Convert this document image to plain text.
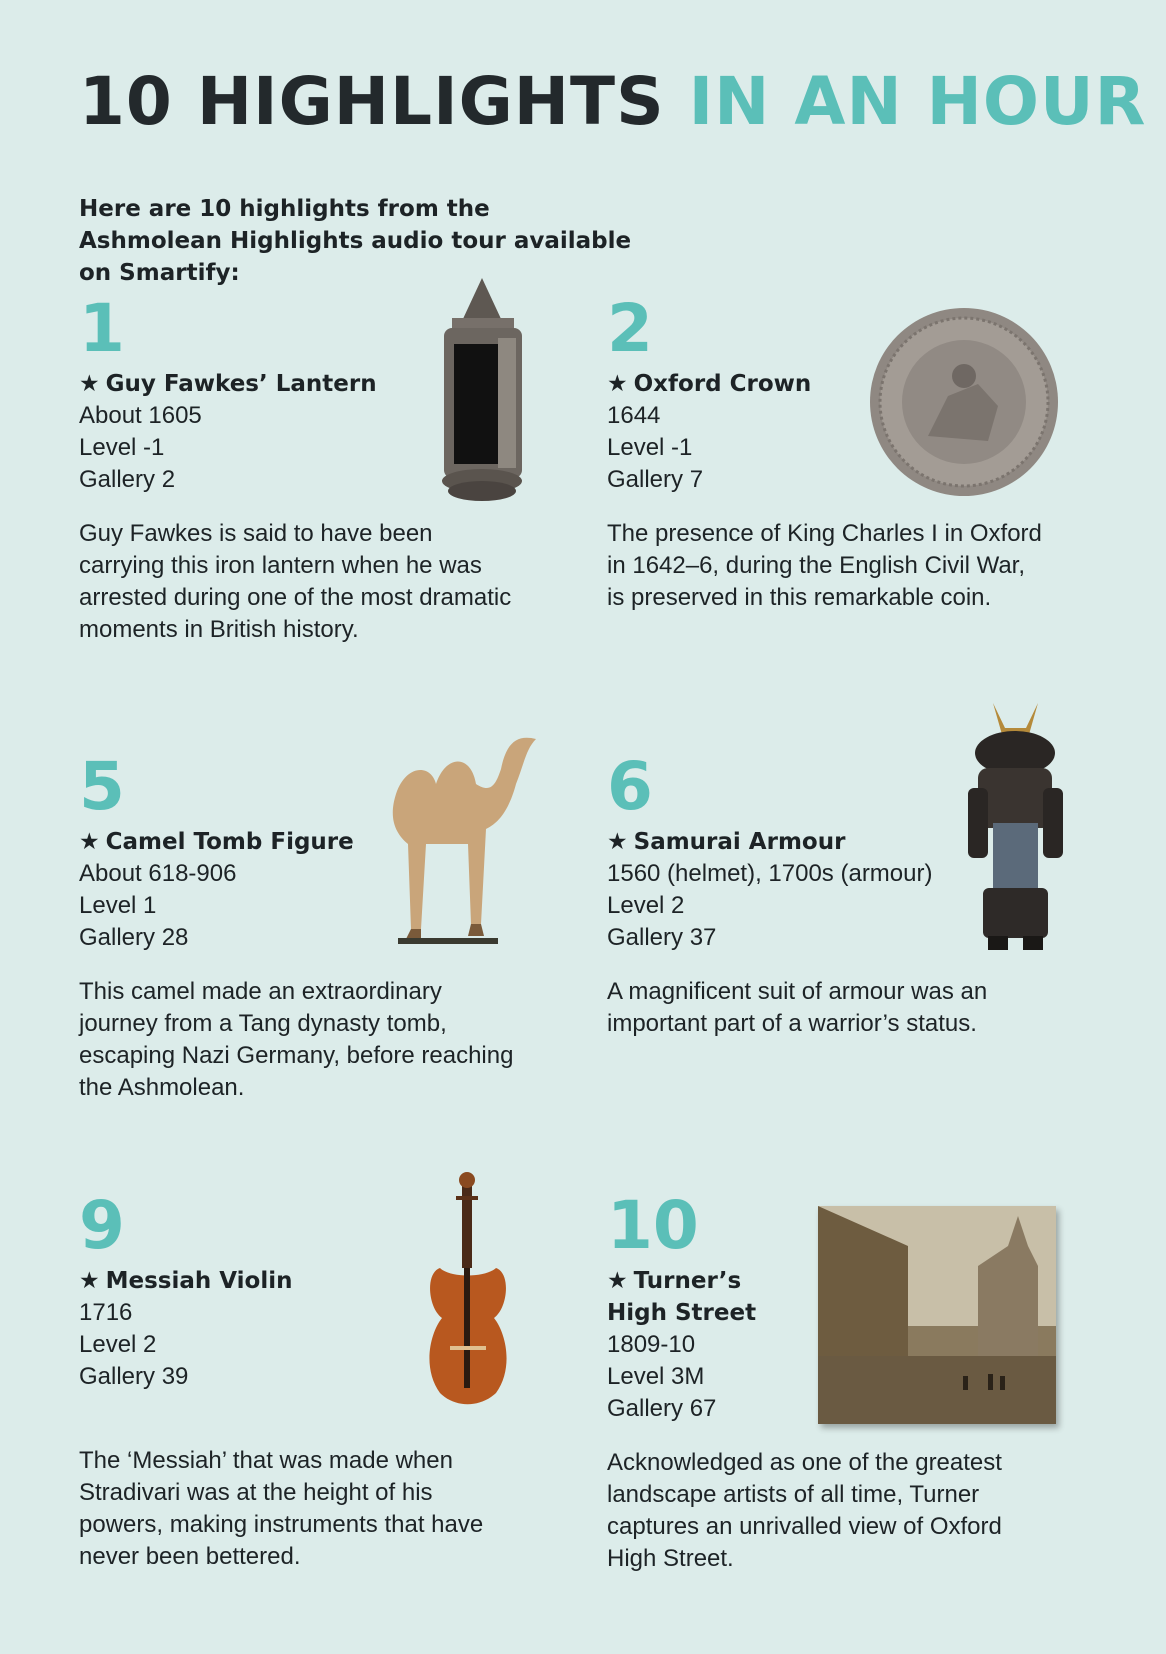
10 HIGHLIGHTS IN AN HOUR

Here are 10 highlights from the Ashmolean Highlights audio tour available on Smartify:

1
★ Guy Fawkes’ Lantern
About 1605
Level -1
Gallery 2
Guy Fawkes is said to have been carrying this iron lantern when he was arrested during one of the most dramatic moments in British history.
2
★ Oxford Crown
1644
Level -1
Gallery 7
The presence of King Charles I in Oxford in 1642–6, during the English Civil War, is preserved in this remarkable coin.
5
★ Camel Tomb Figure
About 618-906
Level 1
Gallery 28
This camel made an extraordinary journey from a Tang dynasty tomb, escaping Nazi Germany, before reaching the Ashmolean.
6
★ Samurai Armour
1560 (helmet), 1700s (armour)
Level 2
Gallery 37
A magnificent suit of armour was an important part of a warrior’s status.
9
★ Messiah Violin
1716
Level 2
Gallery 39
The ‘Messiah’ that was made when Stradivari was at the height of his powers, making instruments that have never been bettered.
10
★ Turner’s High Street
1809-10
Level 3M
Gallery 67
Acknowledged as one of the greatest landscape artists of all time, Turner captures an unrivalled view of Oxford High Street.
